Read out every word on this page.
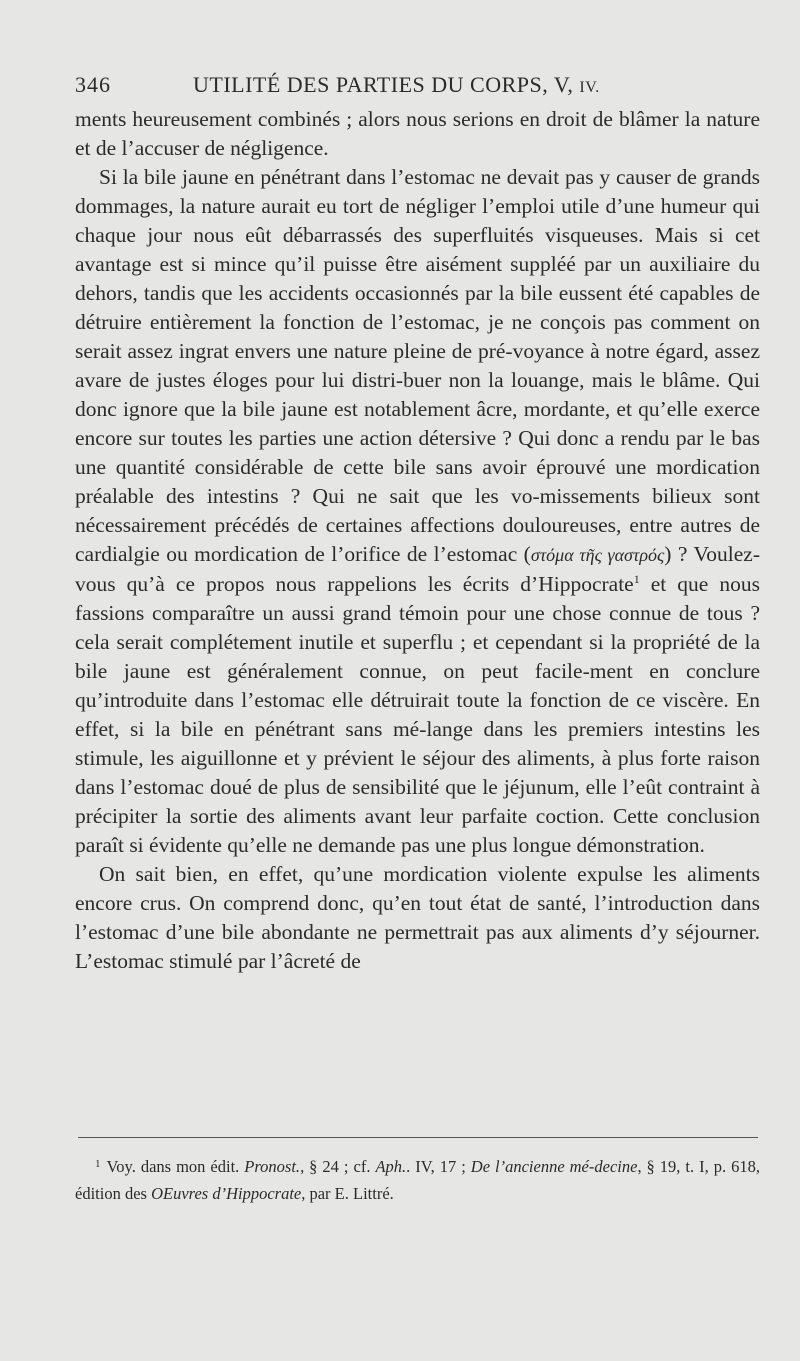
346	UTILITÉ DES PARTIES DU CORPS, V, IV.

ments heureusement combinés ; alors nous serions en droit de blâmer la nature et de l’accuser de négligence.

Si la bile jaune en pénétrant dans l’estomac ne devait pas y causer de grands dommages, la nature aurait eu tort de négliger l’emploi utile d’une humeur qui chaque jour nous eût débarrassés des superfluités visqueuses. Mais si cet avantage est si mince qu’il puisse être aisément suppléé par un auxiliaire du dehors, tandis que les accidents occasionnés par la bile eussent été capables de détruire entièrement la fonction de l’estomac, je ne conçois pas comment on serait assez ingrat envers une nature pleine de pré-voyance à notre égard, assez avare de justes éloges pour lui distri-buer non la louange, mais le blâme. Qui donc ignore que la bile jaune est notablement âcre, mordante, et qu’elle exerce encore sur toutes les parties une action détersive ? Qui donc a rendu par le bas une quantité considérable de cette bile sans avoir éprouvé une mordication préalable des intestins ? Qui ne sait que les vo-missements bilieux sont nécessairement précédés de certaines affections douloureuses, entre autres de cardialgie ou mordication de l’orifice de l’estomac (στόμα τῆς γαστρός) ? Voulez-vous qu’à ce propos nous rappelions les écrits d’Hippocrate$^1$ et que nous fassions comparaître un aussi grand témoin pour une chose connue de tous ? cela serait complétement inutile et superflu ; et cependant si la propriété de la bile jaune est généralement connue, on peut facile-ment en conclure qu’introduite dans l’estomac elle détruirait toute la fonction de ce viscère. En effet, si la bile en pénétrant sans mé-lange dans les premiers intestins les stimule, les aiguillonne et y prévient le séjour des aliments, à plus forte raison dans l’estomac doué de plus de sensibilité que le jéjunum, elle l’eût contraint à précipiter la sortie des aliments avant leur parfaite coction. Cette conclusion paraît si évidente qu’elle ne demande pas une plus longue démonstration.

On sait bien, en effet, qu’une mordication violente expulse les aliments encore crus. On comprend donc, qu’en tout état de santé, l’introduction dans l’estomac d’une bile abondante ne permettrait pas aux aliments d’y séjourner. L’estomac stimulé par l’âcreté de

$^1$ Voy. dans mon édit. Pronost., § 24 ; cf. Aph.. IV, 17 ; De l’ancienne mé-decine, § 19, t. I, p. 618, édition des OEuvres d’Hippocrate, par E. Littré.
